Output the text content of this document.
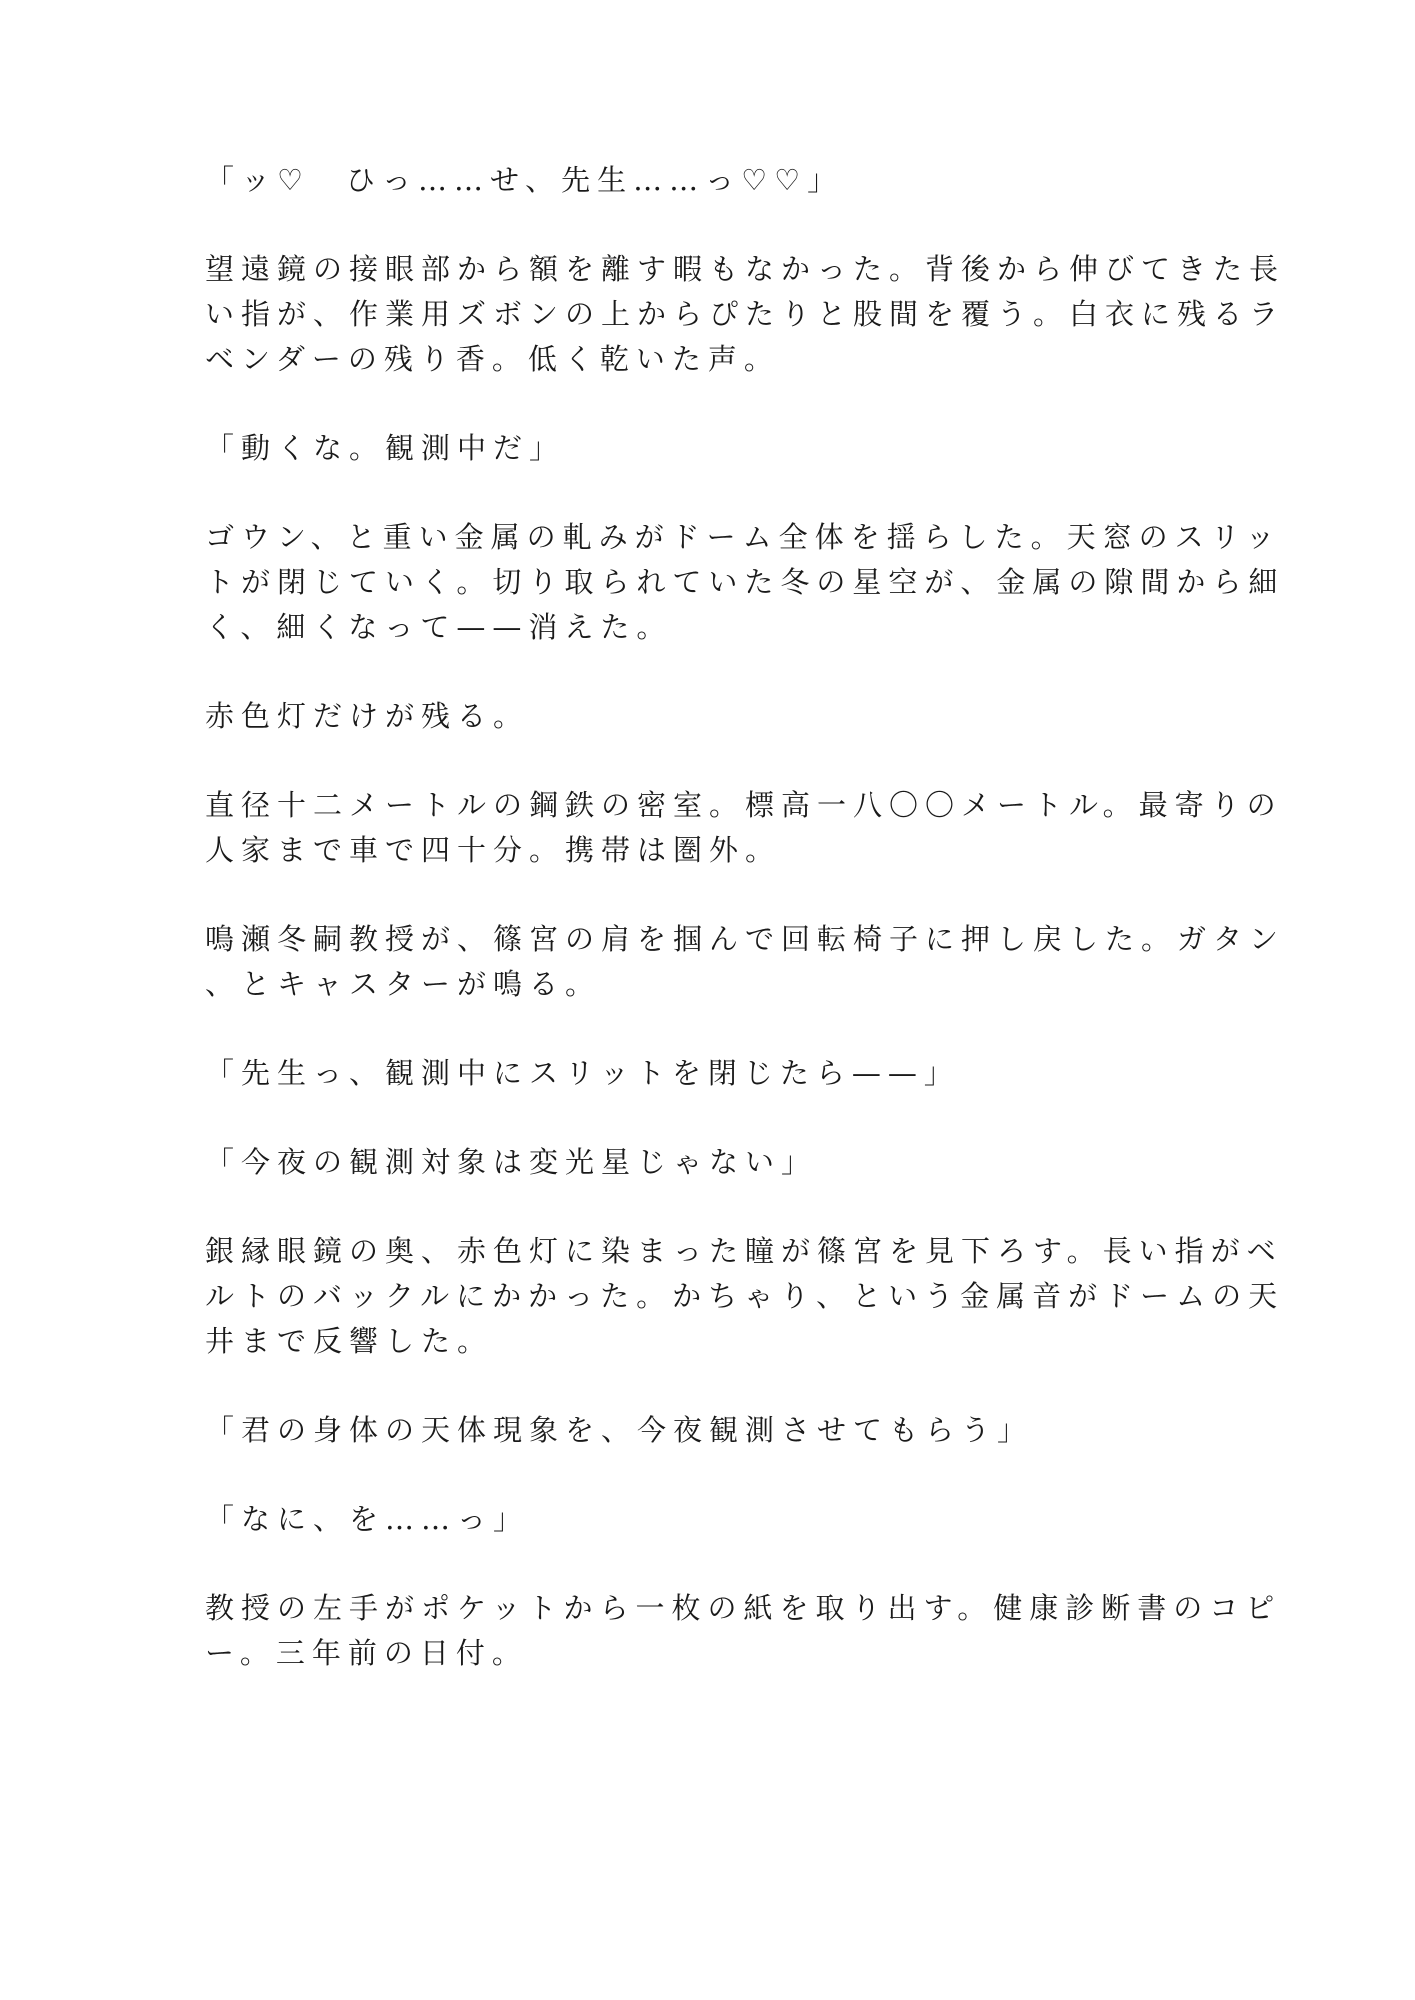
「ッ♡　ひっ……せ、先生……っ♡♡」
望遠鏡の接眼部から額を離す暇もなかった。背後から伸びてきた長
い指が、作業用ズボンの上からぴたりと股間を覆う。白衣に残るラ
ベンダーの残り香。低く乾いた声。
「動くな。観測中だ」
ゴウン、と重い金属の軋みがドーム全体を揺らした。天窓のスリッ
トが閉じていく。切り取られていた冬の星空が、金属の隙間から細
く、細くなって——消えた。
赤色灯だけが残る。
直径十二メートルの鋼鉄の密室。標高一八〇〇メートル。最寄りの
人家まで車で四十分。携帯は圏外。
鳴瀬冬嗣教授が、篠宮の肩を掴んで回転椅子に押し戻した。ガタン
、とキャスターが鳴る。
「先生っ、観測中にスリットを閉じたら——」
「今夜の観測対象は変光星じゃない」
銀縁眼鏡の奥、赤色灯に染まった瞳が篠宮を見下ろす。長い指がベ
ルトのバックルにかかった。かちゃり、という金属音がドームの天
井まで反響した。
「君の身体の天体現象を、今夜観測させてもらう」
「なに、を……っ」
教授の左手がポケットから一枚の紙を取り出す。健康診断書のコピ
ー。三年前の日付。
